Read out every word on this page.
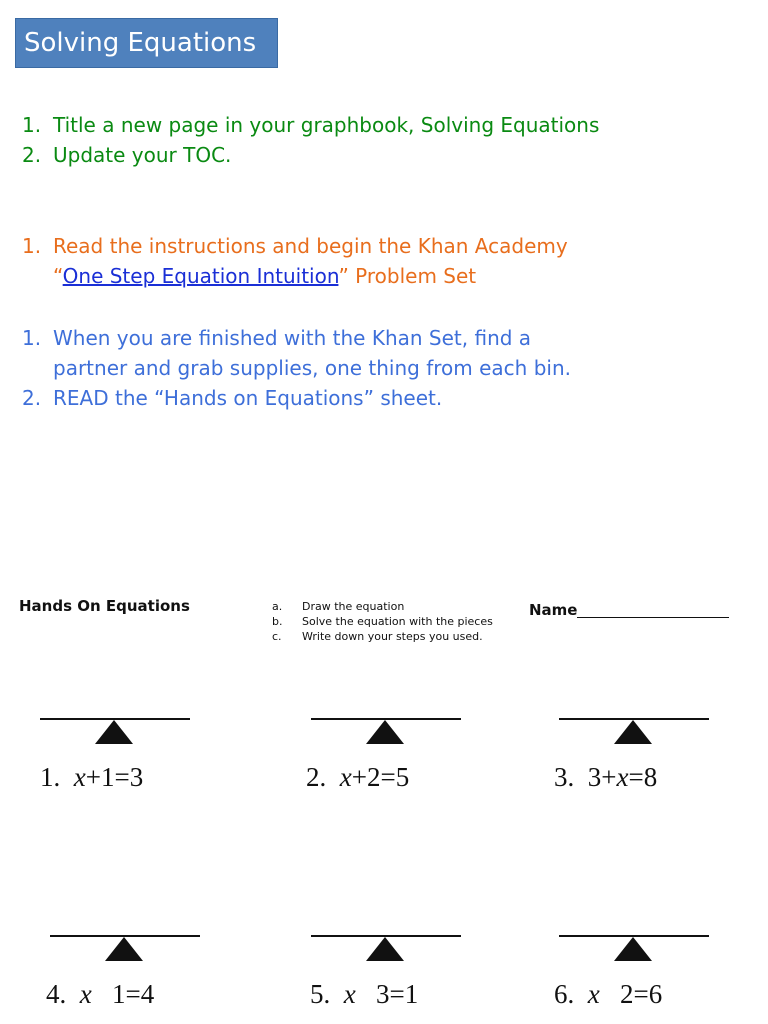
Solving Equations
1. Title a new page in your graphbook, Solving Equations
2. Update your TOC.
1. Read the instructions and begin the Khan Academy
“One Step Equation Intuition” Problem Set
1. When you are finished with the Khan Set, find a partner and grab supplies, one thing from each bin.
2. READ the “Hands on Equations” sheet.
Hands On Equations	a. Draw the equation
b. Solve the equation with the pieces
c. Write down your steps you used.
Name
1. x+1=3	2. x+2=5	3. 3+x=8
4. x   1=4	5. x   3=1	6. x   2=6
